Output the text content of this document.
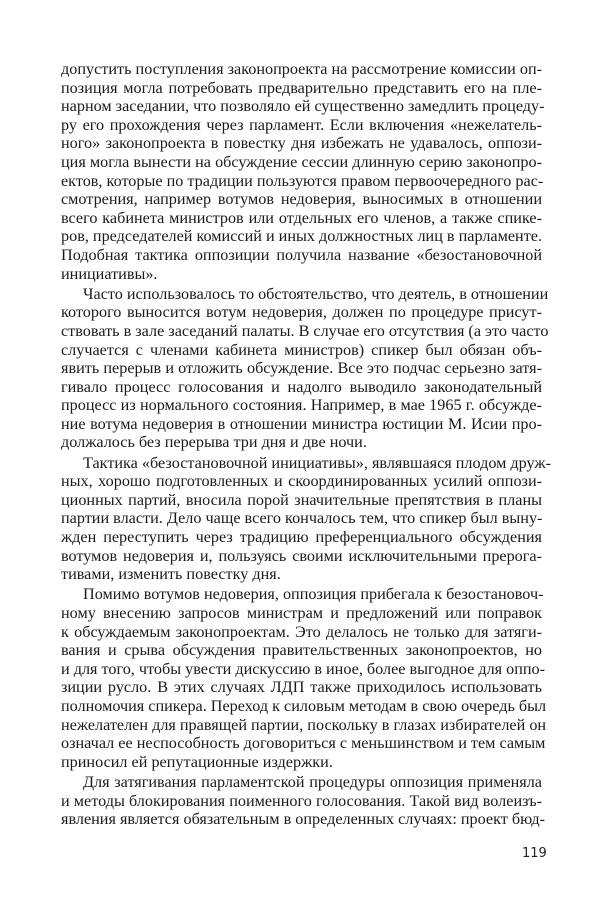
допустить поступления законопроекта на рассмотрение комиссии оп-
позиция могла потребовать предварительно представить его на пле-
нарном заседании, что позволяло ей существенно замедлить процеду-
ру его прохождения через парламент. Если включения «нежелатель-
ного» законопроекта в повестку дня избежать не удавалось, оппози-
ция могла вынести на обсуждение сессии длинную серию законопро-
ектов, которые по традиции пользуются правом первоочередного рас-
смотрения, например вотумов недоверия, выносимых в отношении
всего кабинета министров или отдельных его членов, а также спике-
ров, председателей комиссий и иных должностных лиц в парламенте.
Подобная тактика оппозиции получила название «безостановочной
инициативы».
Часто использовалось то обстоятельство, что деятель, в отношении
которого выносится вотум недоверия, должен по процедуре присут-
ствовать в зале заседаний палаты. В случае его отсутствия (а это часто
случается с членами кабинета министров) спикер был обязан объ-
явить перерыв и отложить обсуждение. Все это подчас серьезно затя-
гивало процесс голосования и надолго выводило законодательный
процесс из нормального состояния. Например, в мае 1965 г. обсужде-
ние вотума недоверия в отношении министра юстиции М. Исии про-
должалось без перерыва три дня и две ночи.
Тактика «безостановочной инициативы», являвшаяся плодом друж-
ных, хорошо подготовленных и скоординированных усилий оппози-
ционных партий, вносила порой значительные препятствия в планы
партии власти. Дело чаще всего кончалось тем, что спикер был выну-
жден переступить через традицию преференциального обсуждения
вотумов недоверия и, пользуясь своими исключительными прерога-
тивами, изменить повестку дня.
Помимо вотумов недоверия, оппозиция прибегала к безостановоч-
ному внесению запросов министрам и предложений или поправок
к обсуждаемым законопроектам. Это делалось не только для затяги-
вания и срыва обсуждения правительственных законопроектов, но
и для того, чтобы увести дискуссию в иное, более выгодное для оппо-
зиции русло. В этих случаях ЛДП также приходилось использовать
полномочия спикера. Переход к силовым методам в свою очередь был
нежелателен для правящей партии, поскольку в глазах избирателей он
означал ее неспособность договориться с меньшинством и тем самым
приносил ей репутационные издержки.
Для затягивания парламентской процедуры оппозиция применяла
и методы блокирования поименного голосования. Такой вид волеизъ-
явления является обязательным в определенных случаях: проект бюд-
119
